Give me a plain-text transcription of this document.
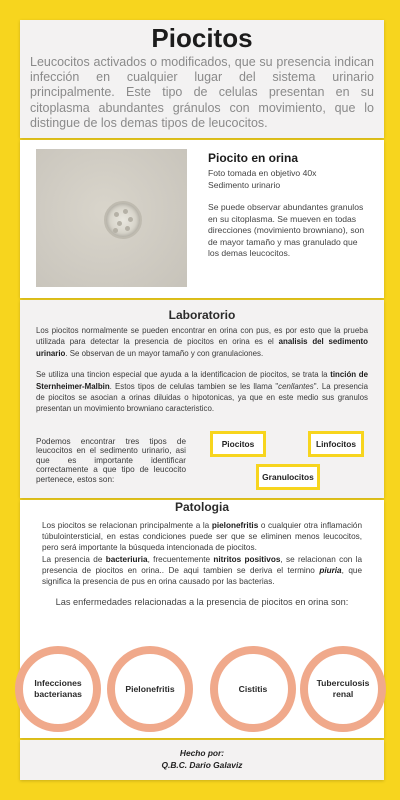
Piocitos

Leucocitos activados o modificados, que su presencia indican infección en cualquier lugar del sistema urinario principalmente. Este tipo de celulas presentan en su citoplasma abundantes gránulos con movimiento, que lo distingue de los demas tipos de leucocitos.

Piocito en orina
Foto tomada en objetivo 40x
Sedimento urinario

Se puede observar abundantes granulos en su citoplasma. Se mueven en todas direcciones (movimiento browniano), son de mayor tamaño y mas granulado que los demas leucocitos.

Laboratorio

Los piocitos normalmente se pueden encontrar en orina con pus, es por esto que la prueba utilizada para detectar la presencia de piocitos en orina es el analisis del sedimento urinario. Se observan de un mayor tamaño y con granulaciones.

Se utiliza una tincion especial que ayuda a la identificacion de piocitos, se trata la tinción de Sternheimer-Malbin. Estos tipos de celulas tambien se les llama "cenllantes". La presencia de piocitos se asocian a orinas diluidas o hipotonicas, ya que en este medio sus granulos presentan un movimiento browniano caracteristico.

Podemos encontrar tres tipos de leucocitos en el sedimento urinario, asi que es importante identificar correctamente a que tipo de leucocito pertenece, estos son:

Piocitos	Linfocitos
Granulocitos
Patologia

Los piocitos se relacionan principalmente a la pielonefritis o cualquier otra inflamación túbulointersticial, en estas condiciones puede ser que se eliminen menos leucocitos, pero será importante la búsqueda intencionada de piocitos.

La presencia de bacteriuria, frecuentemente nitritos positivos, se relacionan con la presencia de piocitos en orina.. De aqui tambien se deriva el termino piuria, que significa la presencia de pus en orina causado por las bacterias.

Las enfermedades relacionadas a la presencia de piocitos en orina son:

Infecciones bacterianas
Pielonefritis	Cistitis
Tuberculosis renal
Hecho por:
Q.B.C. Dario Galaviz
